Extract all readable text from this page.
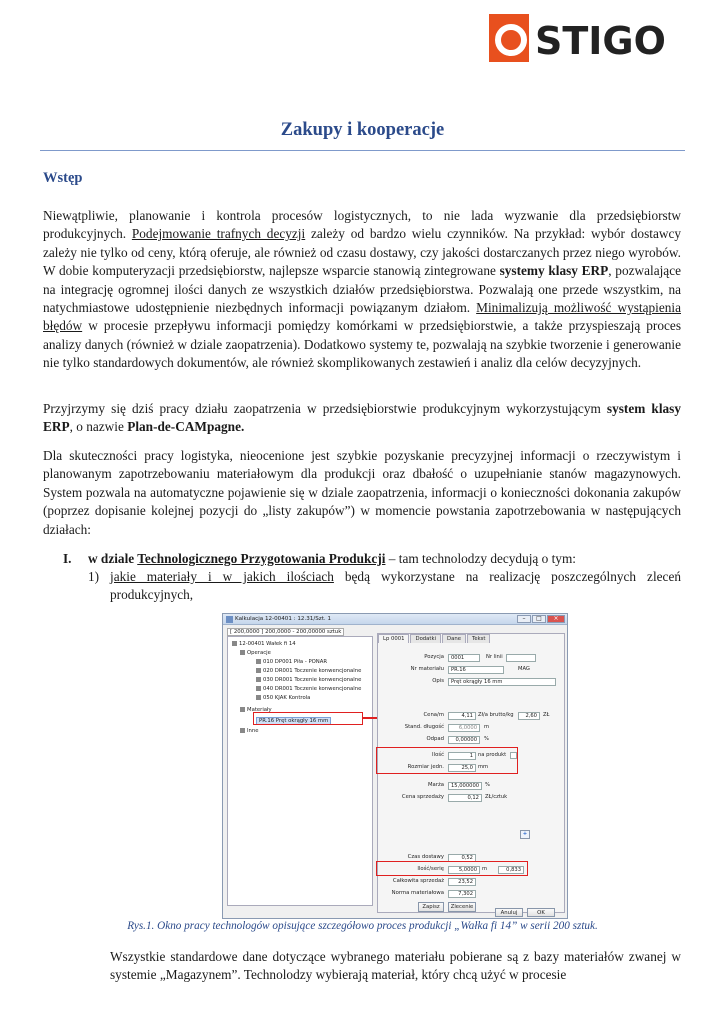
STIGO
Zakupy i kooperacje
Wstęp
Niewątpliwie, planowanie i kontrola procesów logistycznych, to nie lada wyzwanie dla przedsiębiorstw produkcyjnych. Podejmowanie trafnych decyzji zależy od bardzo wielu czynników. Na przykład: wybór dostawcy zależy nie tylko od ceny, którą oferuje, ale również od czasu dostawy, czy jakości dostarczanych przez niego wyrobów. W dobie komputeryzacji przedsiębiorstw, najlepsze wsparcie stanowią zintegrowane systemy klasy ERP, pozwalające na integrację ogromnej ilości danych ze wszystkich działów przedsiębiorstwa. Pozwalają one przede wszystkim, na natychmiastowe udostępnienie niezbędnych informacji powiązanym działom. Minimalizują możliwość wystąpienia błędów w procesie przepływu informacji pomiędzy komórkami w przedsiębiorstwie, a także przyspieszają proces analizy danych (również w dziale zaopatrzenia). Dodatkowo systemy te, pozwalają na szybkie tworzenie i generowanie nie tylko standardowych dokumentów, ale również skomplikowanych zestawień i analiz dla celów decyzyjnych.
Przyjrzymy się dziś pracy działu zaopatrzenia w przedsiębiorstwie produkcyjnym wykorzystującym system klasy ERP, o nazwie Plan-de-CAMpagne.
Dla skuteczności pracy logistyka, nieocenione jest szybkie pozyskanie precyzyjnej informacji o rzeczywistym i planowanym zapotrzebowaniu materiałowym dla produkcji oraz dbałość o uzupełnianie stanów magazynowych. System pozwala na automatyczne pojawienie się w dziale zaopatrzenia, informacji o konieczności dokonania zakupów (poprzez dopisanie kolejnej pozycji do „listy zakupów”) w momencie powstania zapotrzebowania w następujących działach:
I. w dziale Technologicznego Przygotowania Produkcji – tam technolodzy decydują o tym:
1) jakie materiały i w jakich ilościach będą wykorzystane na realizację poszczególnych zleceń produkcyjnych,
Kalkulacja 12-00401 : 12.31/Szt. 1	–	□	×
[ 200,0000 ] 200,0000 - 200,00000 sztuk
12-00401 Wałek fi 14
Operacje
010 DP001 Piła - PONAR
020 DR001 Toczenie konwencjonalne
030 DR001 Toczenie konwencjonalne
040 DR001 Toczenie konwencjonalne
050 KJAK Kontrola
Materiały
PR.16 Pręt okrągły 16 mm
Inne
Lp 0001	Dodatki	Dane	Tekst
Pozycja	0001	Nr linii
Nr materiału	PR.16	MAG
Opis	Pręt okrągły 16 mm
Cena/m	4,11 Zł/a brutto/kg	2,60	ZŁ
Stand. długość	6,0000	m
Odpad	0,00000	%
Ilość	1 na produkt
Rozmiar jedn.	25,0 mm
Marża	15,000000	%
Cena sprzedaży	0,12	ZŁ/cztuk
+
Czas dostawy	0,52
Ilość/serię	5,0000 m	0,833
Całkowita sprzedaż	23,52
Norma materiałowa	7,302
Zapisz	Zlecenie
Anuluj	OK
Rys.1. Okno pracy technologów opisujące szczegółowo proces produkcji „Wałka fi 14” w serii 200 sztuk.
Wszystkie standardowe dane dotyczące wybranego materiału pobierane są z bazy materiałów zwanej w systemie „Magazynem”. Technolodzy wybierają materiał, który chcą użyć w procesie
